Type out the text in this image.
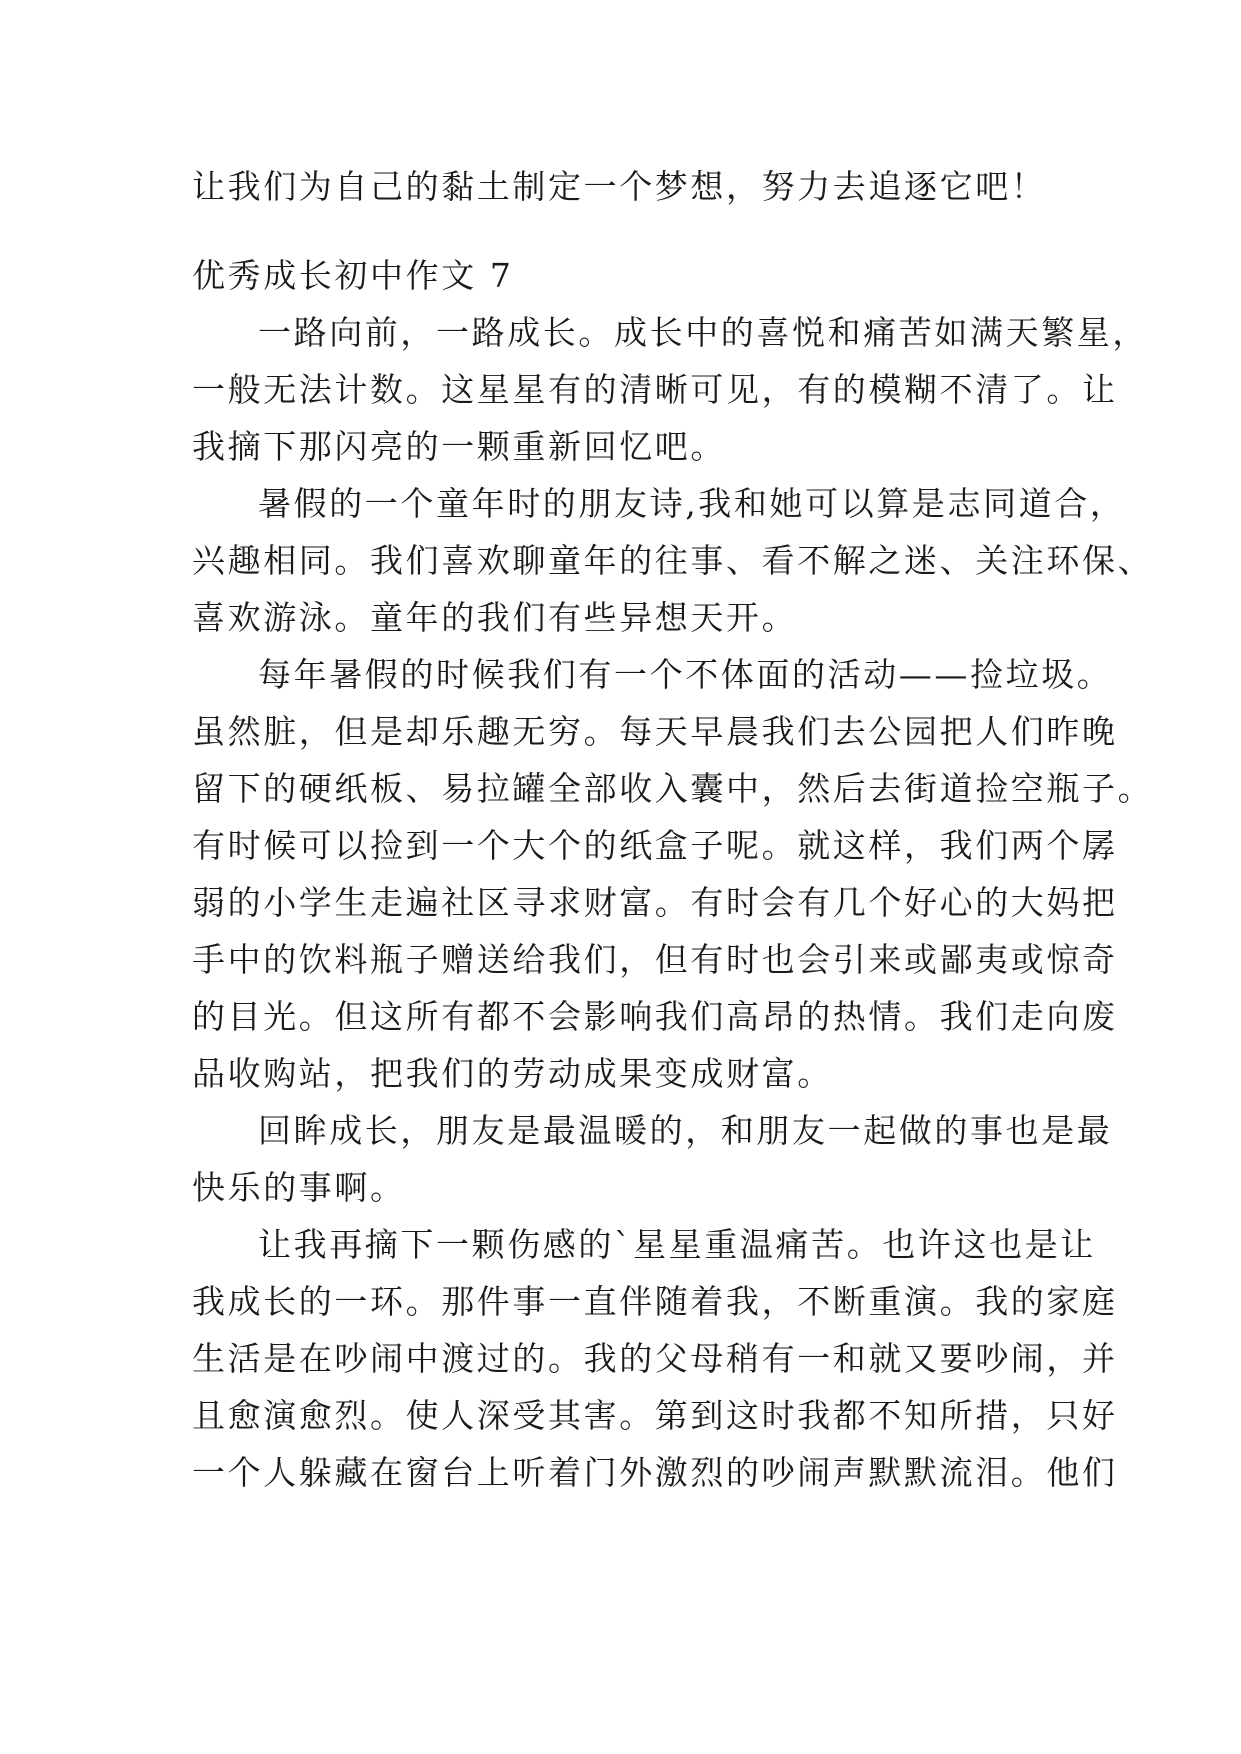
让我们为自己的黏土制定一个梦想，努力去追逐它吧！
优秀成长初中作文 7
一路向前，一路成长。成长中的喜悦和痛苦如满天繁星，
一般无法计数。这星星有的清晰可见，有的模糊不清了。让
我摘下那闪亮的一颗重新回忆吧。
暑假的一个童年时的朋友诗,我和她可以算是志同道合，
兴趣相同。我们喜欢聊童年的往事、看不解之迷、关注环保、
喜欢游泳。童年的我们有些异想天开。
每年暑假的时候我们有一个不体面的活动——捡垃圾。
虽然脏，但是却乐趣无穷。每天早晨我们去公园把人们昨晚
留下的硬纸板、易拉罐全部收入囊中，然后去街道捡空瓶子。
有时候可以捡到一个大个的纸盒子呢。就这样，我们两个孱
弱的小学生走遍社区寻求财富。有时会有几个好心的大妈把
手中的饮料瓶子赠送给我们，但有时也会引来或鄙夷或惊奇
的目光。但这所有都不会影响我们高昂的热情。我们走向废
品收购站，把我们的劳动成果变成财富。
回眸成长，朋友是最温暖的，和朋友一起做的事也是最
快乐的事啊。
让我再摘下一颗伤感的`星星重温痛苦。也许这也是让
我成长的一环。那件事一直伴随着我，不断重演。我的家庭
生活是在吵闹中渡过的。我的父母稍有一和就又要吵闹，并
且愈演愈烈。使人深受其害。第到这时我都不知所措，只好
一个人躲藏在窗台上听着门外激烈的吵闹声默默流泪。他们
